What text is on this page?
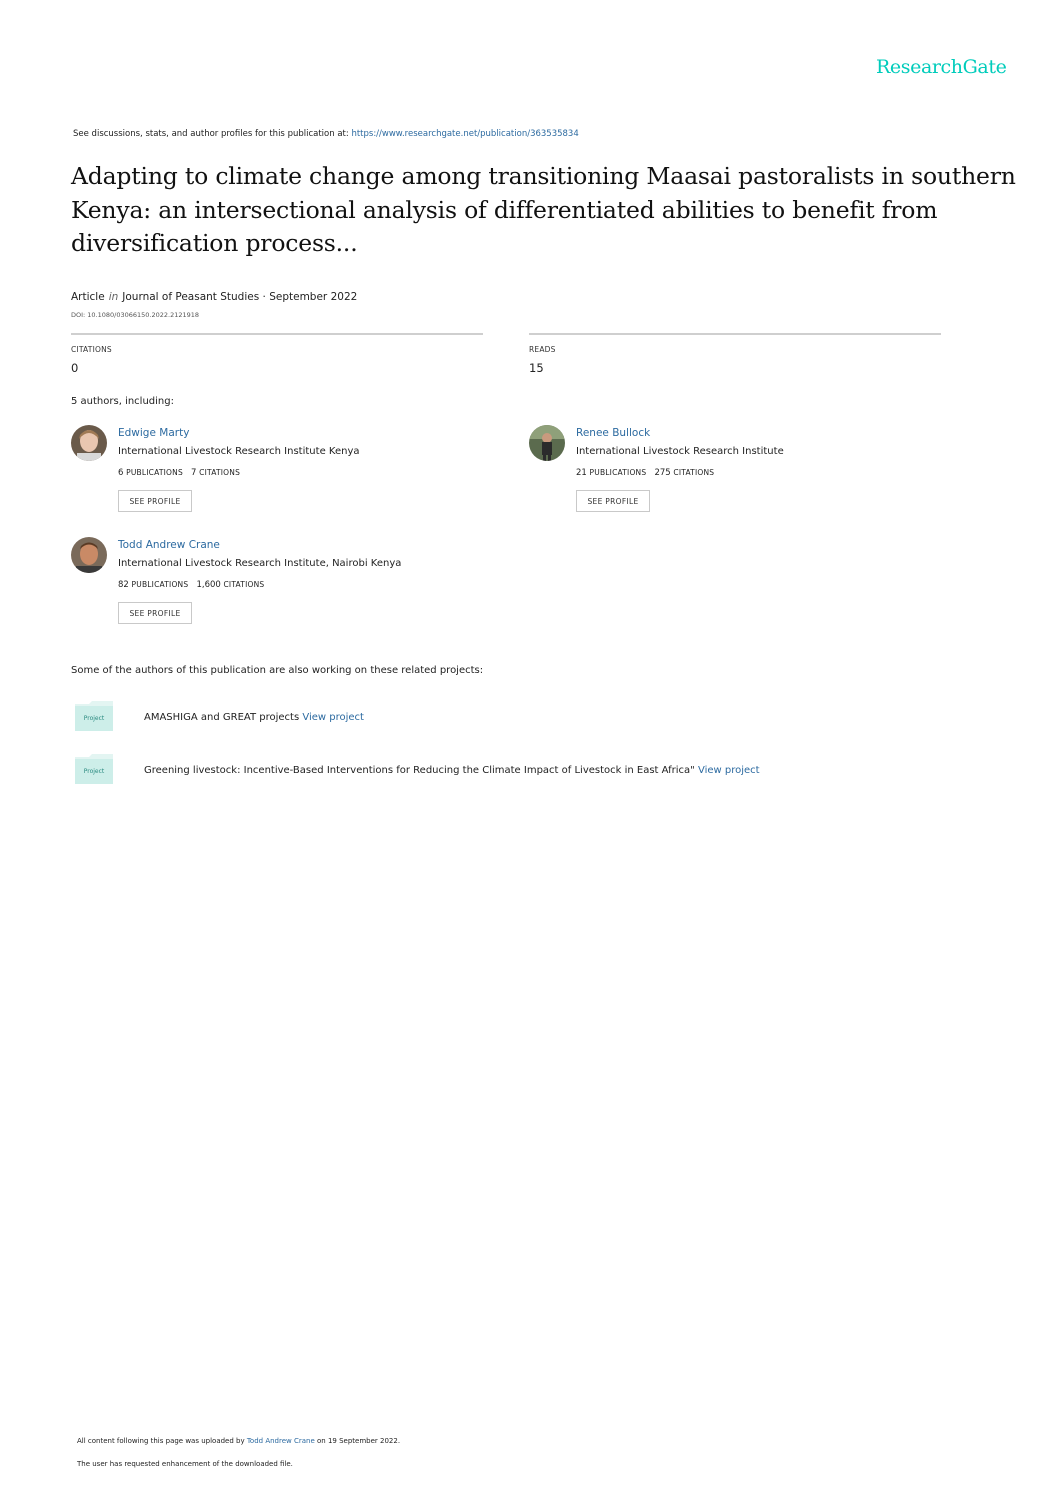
ResearchGate
See discussions, stats, and author profiles for this publication at: https://www.researchgate.net/publication/363535834
Adapting to climate change among transitioning Maasai pastoralists in southern Kenya: an intersectional analysis of differentiated abilities to benefit from diversification process...
Article in Journal of Peasant Studies · September 2022
DOI: 10.1080/03066150.2022.2121918
CITATIONS
0
READS
15
5 authors, including:
Edwige Marty
International Livestock Research Institute Kenya
6 PUBLICATIONS 7 CITATIONS
SEE PROFILE
Renee Bullock
International Livestock Research Institute
21 PUBLICATIONS 275 CITATIONS
SEE PROFILE
Todd Andrew Crane
International Livestock Research Institute, Nairobi Kenya
82 PUBLICATIONS 1,600 CITATIONS
SEE PROFILE
Some of the authors of this publication are also working on these related projects:
Project	AMASHIGA and GREAT projects View project
Project	Greening livestock: Incentive-Based Interventions for Reducing the Climate Impact of Livestock in East Africa" View project
All content following this page was uploaded by Todd Andrew Crane on 19 September 2022.
The user has requested enhancement of the downloaded file.
